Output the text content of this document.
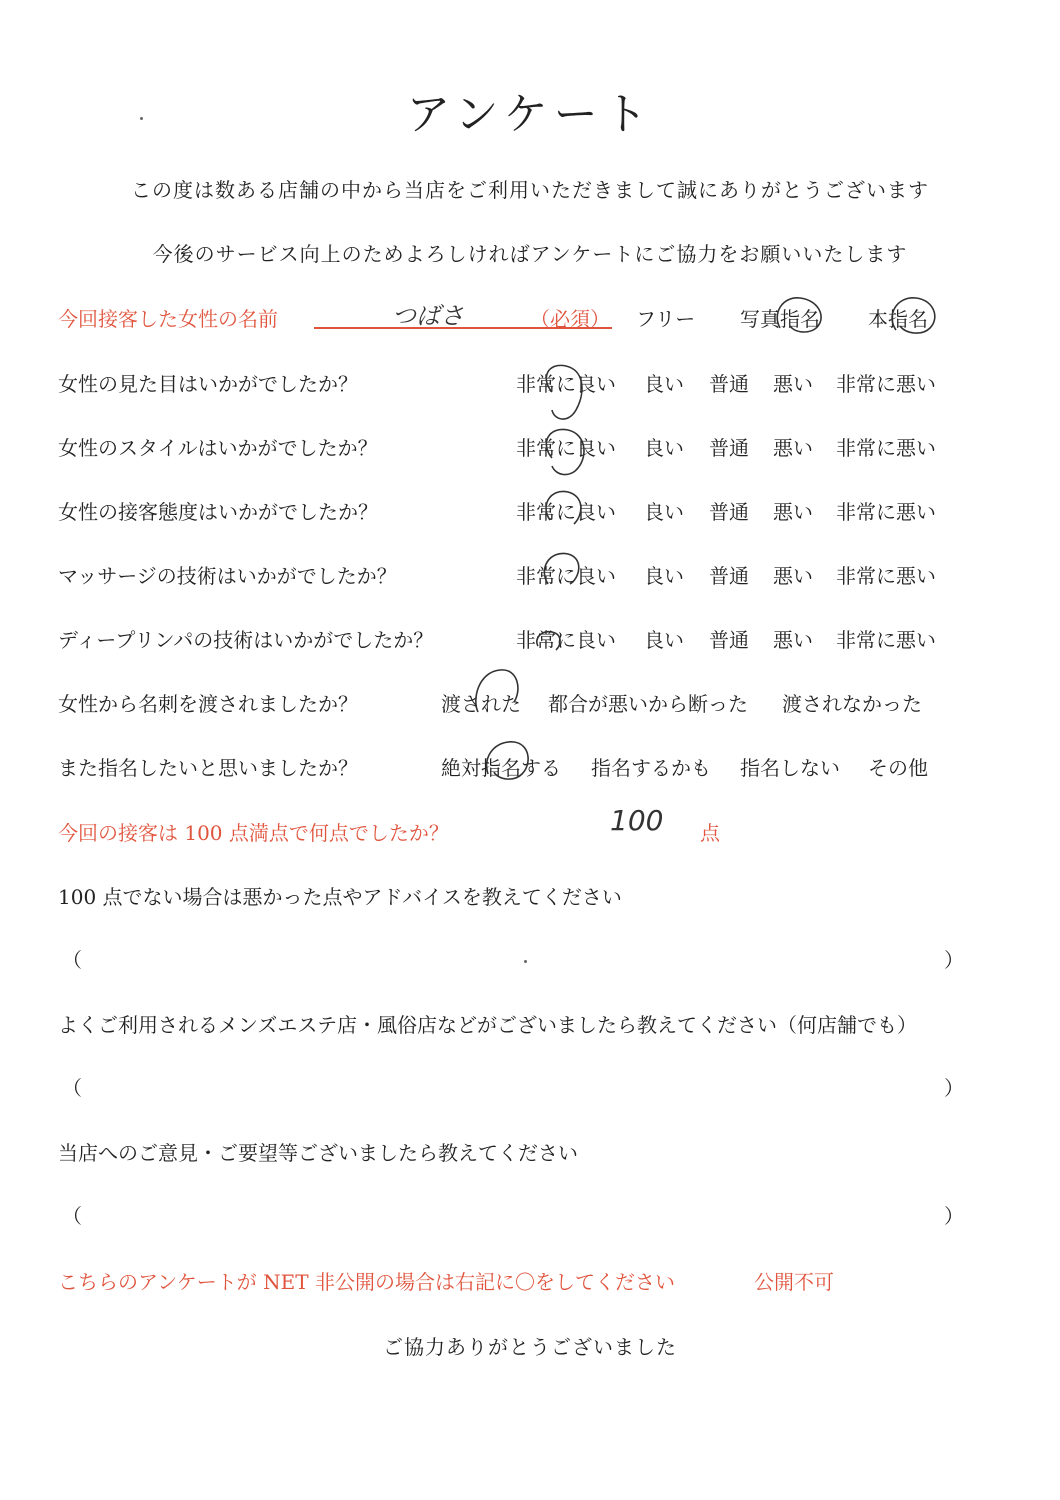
アンケート
この度は数ある店舗の中から当店をご利用いただきまして誠にありがとうございます
今後のサービス向上のためよろしければアンケートにご協力をお願いいたします
今回接客した女性の名前	つばさ	（必須） フリー 写真指名 本指名
女性の見た目はいかがでしたか？	非常に良い 良い 普通 悪い 非常に悪い
女性のスタイルはいかがでしたか？	非常に良い 良い 普通 悪い 非常に悪い
女性の接客態度はいかがでしたか？	非常に良い 良い 普通 悪い 非常に悪い
マッサージの技術はいかがでしたか？	非常に良い 良い 普通 悪い 非常に悪い
ディープリンパの技術はいかがでしたか？	非常に良い 良い 普通 悪い 非常に悪い
女性から名刺を渡されましたか？	渡された 都合が悪いから断った 渡されなかった
また指名したいと思いましたか？	絶対指名する 指名するかも 指名しない その他
今回の接客は 100 点満点で何点でしたか？	100 点
100 点でない場合は悪かった点やアドバイスを教えてください
（	）
よくご利用されるメンズエステ店・風俗店などがございましたら教えてください（何店舗でも）
（	）
当店へのご意見・ご要望等ございましたら教えてください
（	）
こちらのアンケートが NET 非公開の場合は右記に〇をしてください	公開不可
ご協力ありがとうございました
